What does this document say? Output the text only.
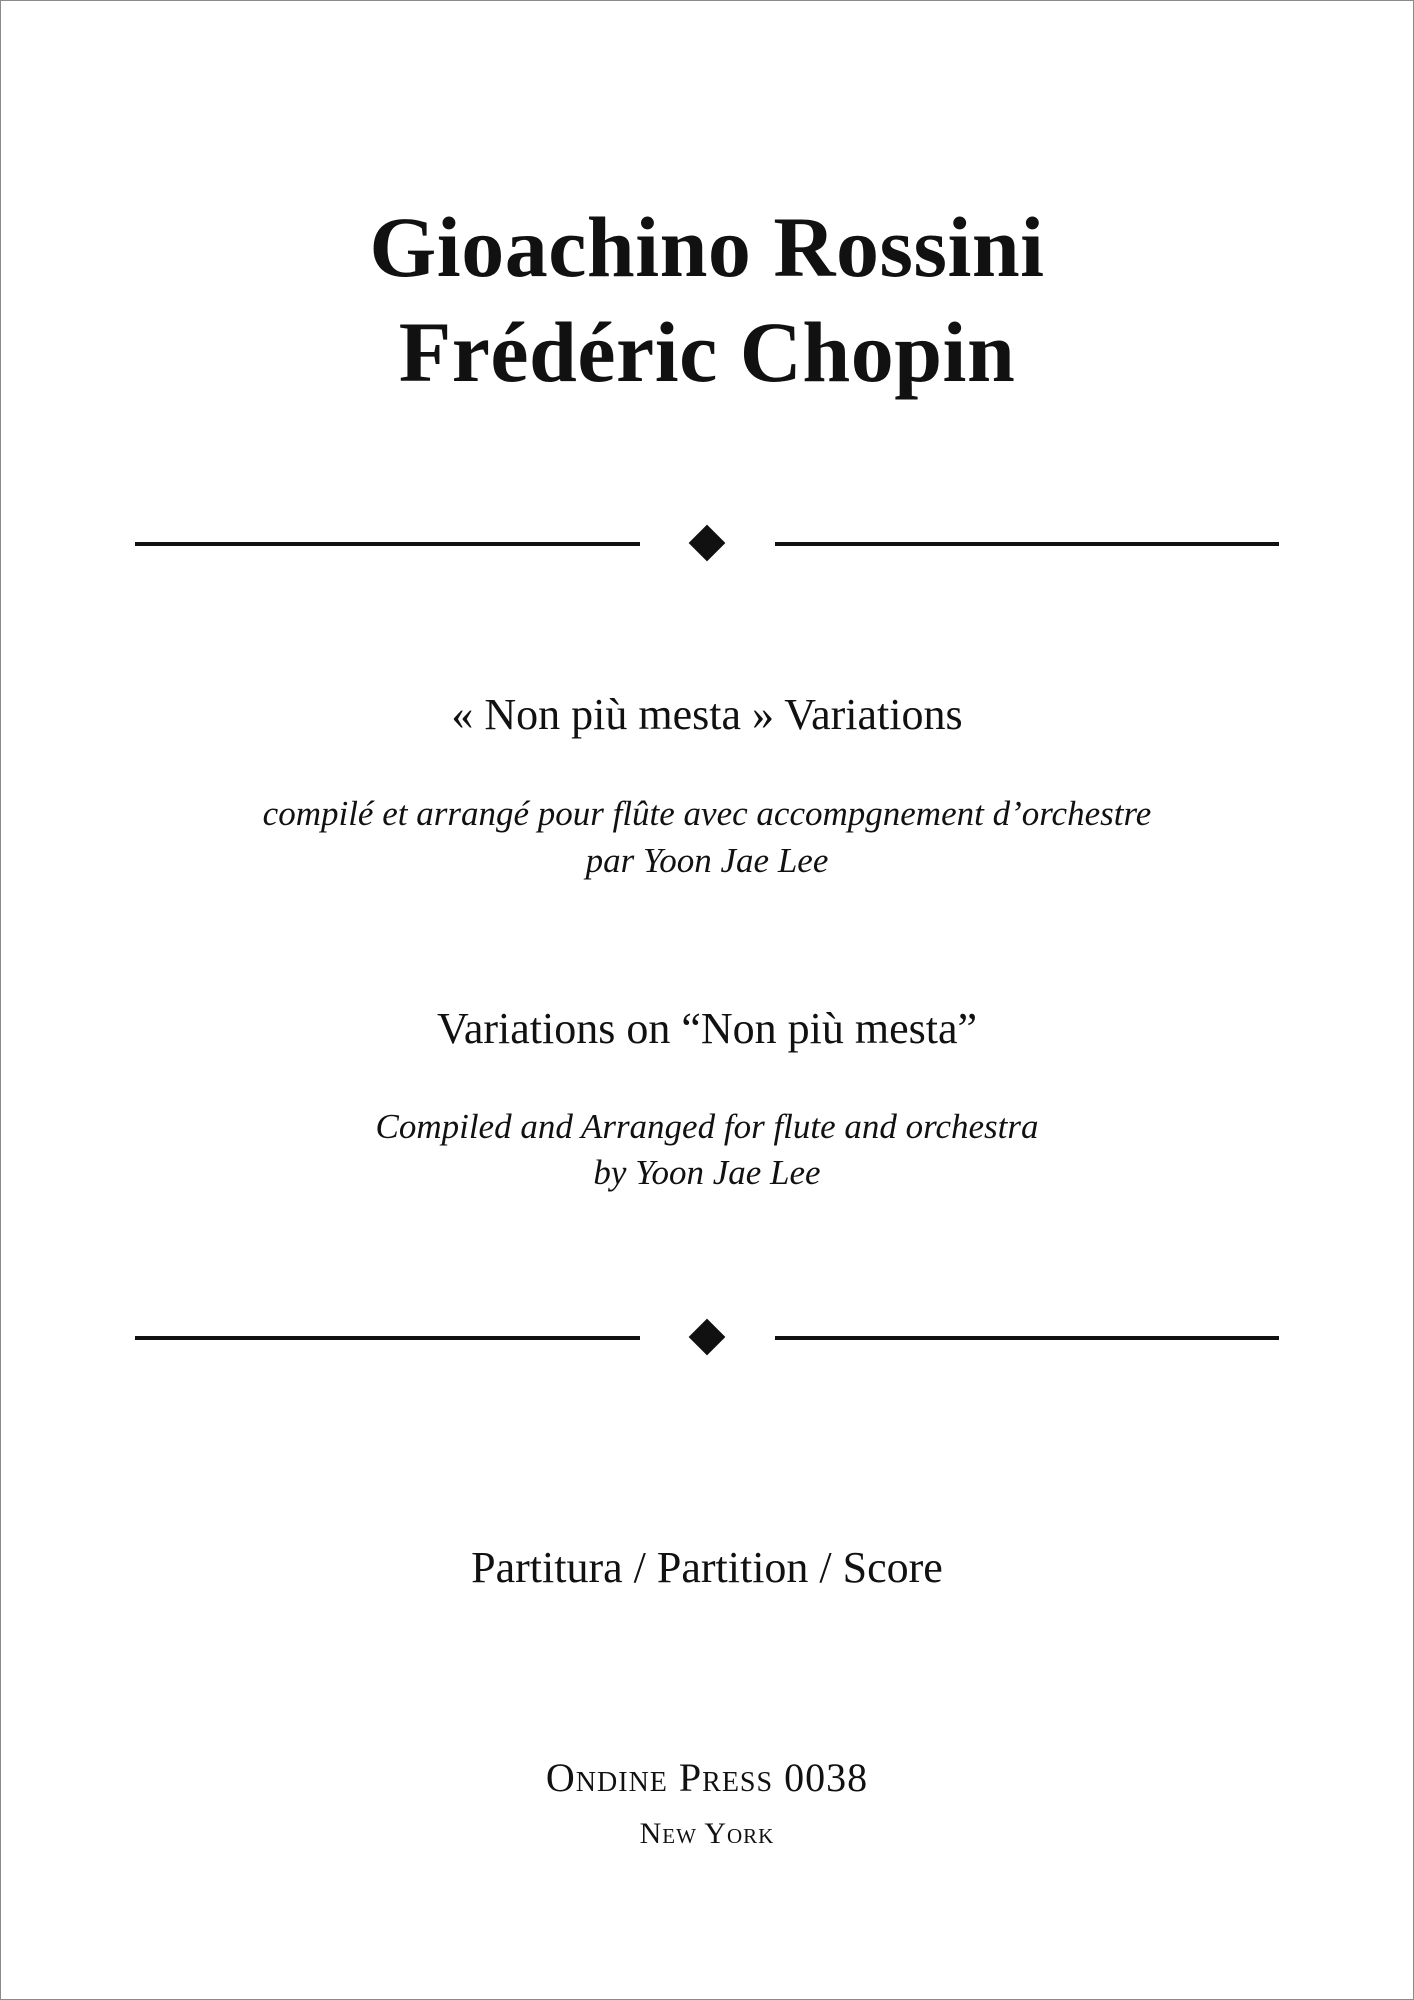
Gioachino Rossini
Frédéric Chopin
« Non più mesta » Variations
compilé et arrangé pour flûte avec accompgnement d’orchestre
par Yoon Jae Lee
Variations on “Non più mesta”
Compiled and Arranged for flute and orchestra
by Yoon Jae Lee
Partitura / Partition / Score
Ondine Press 0038
New York
